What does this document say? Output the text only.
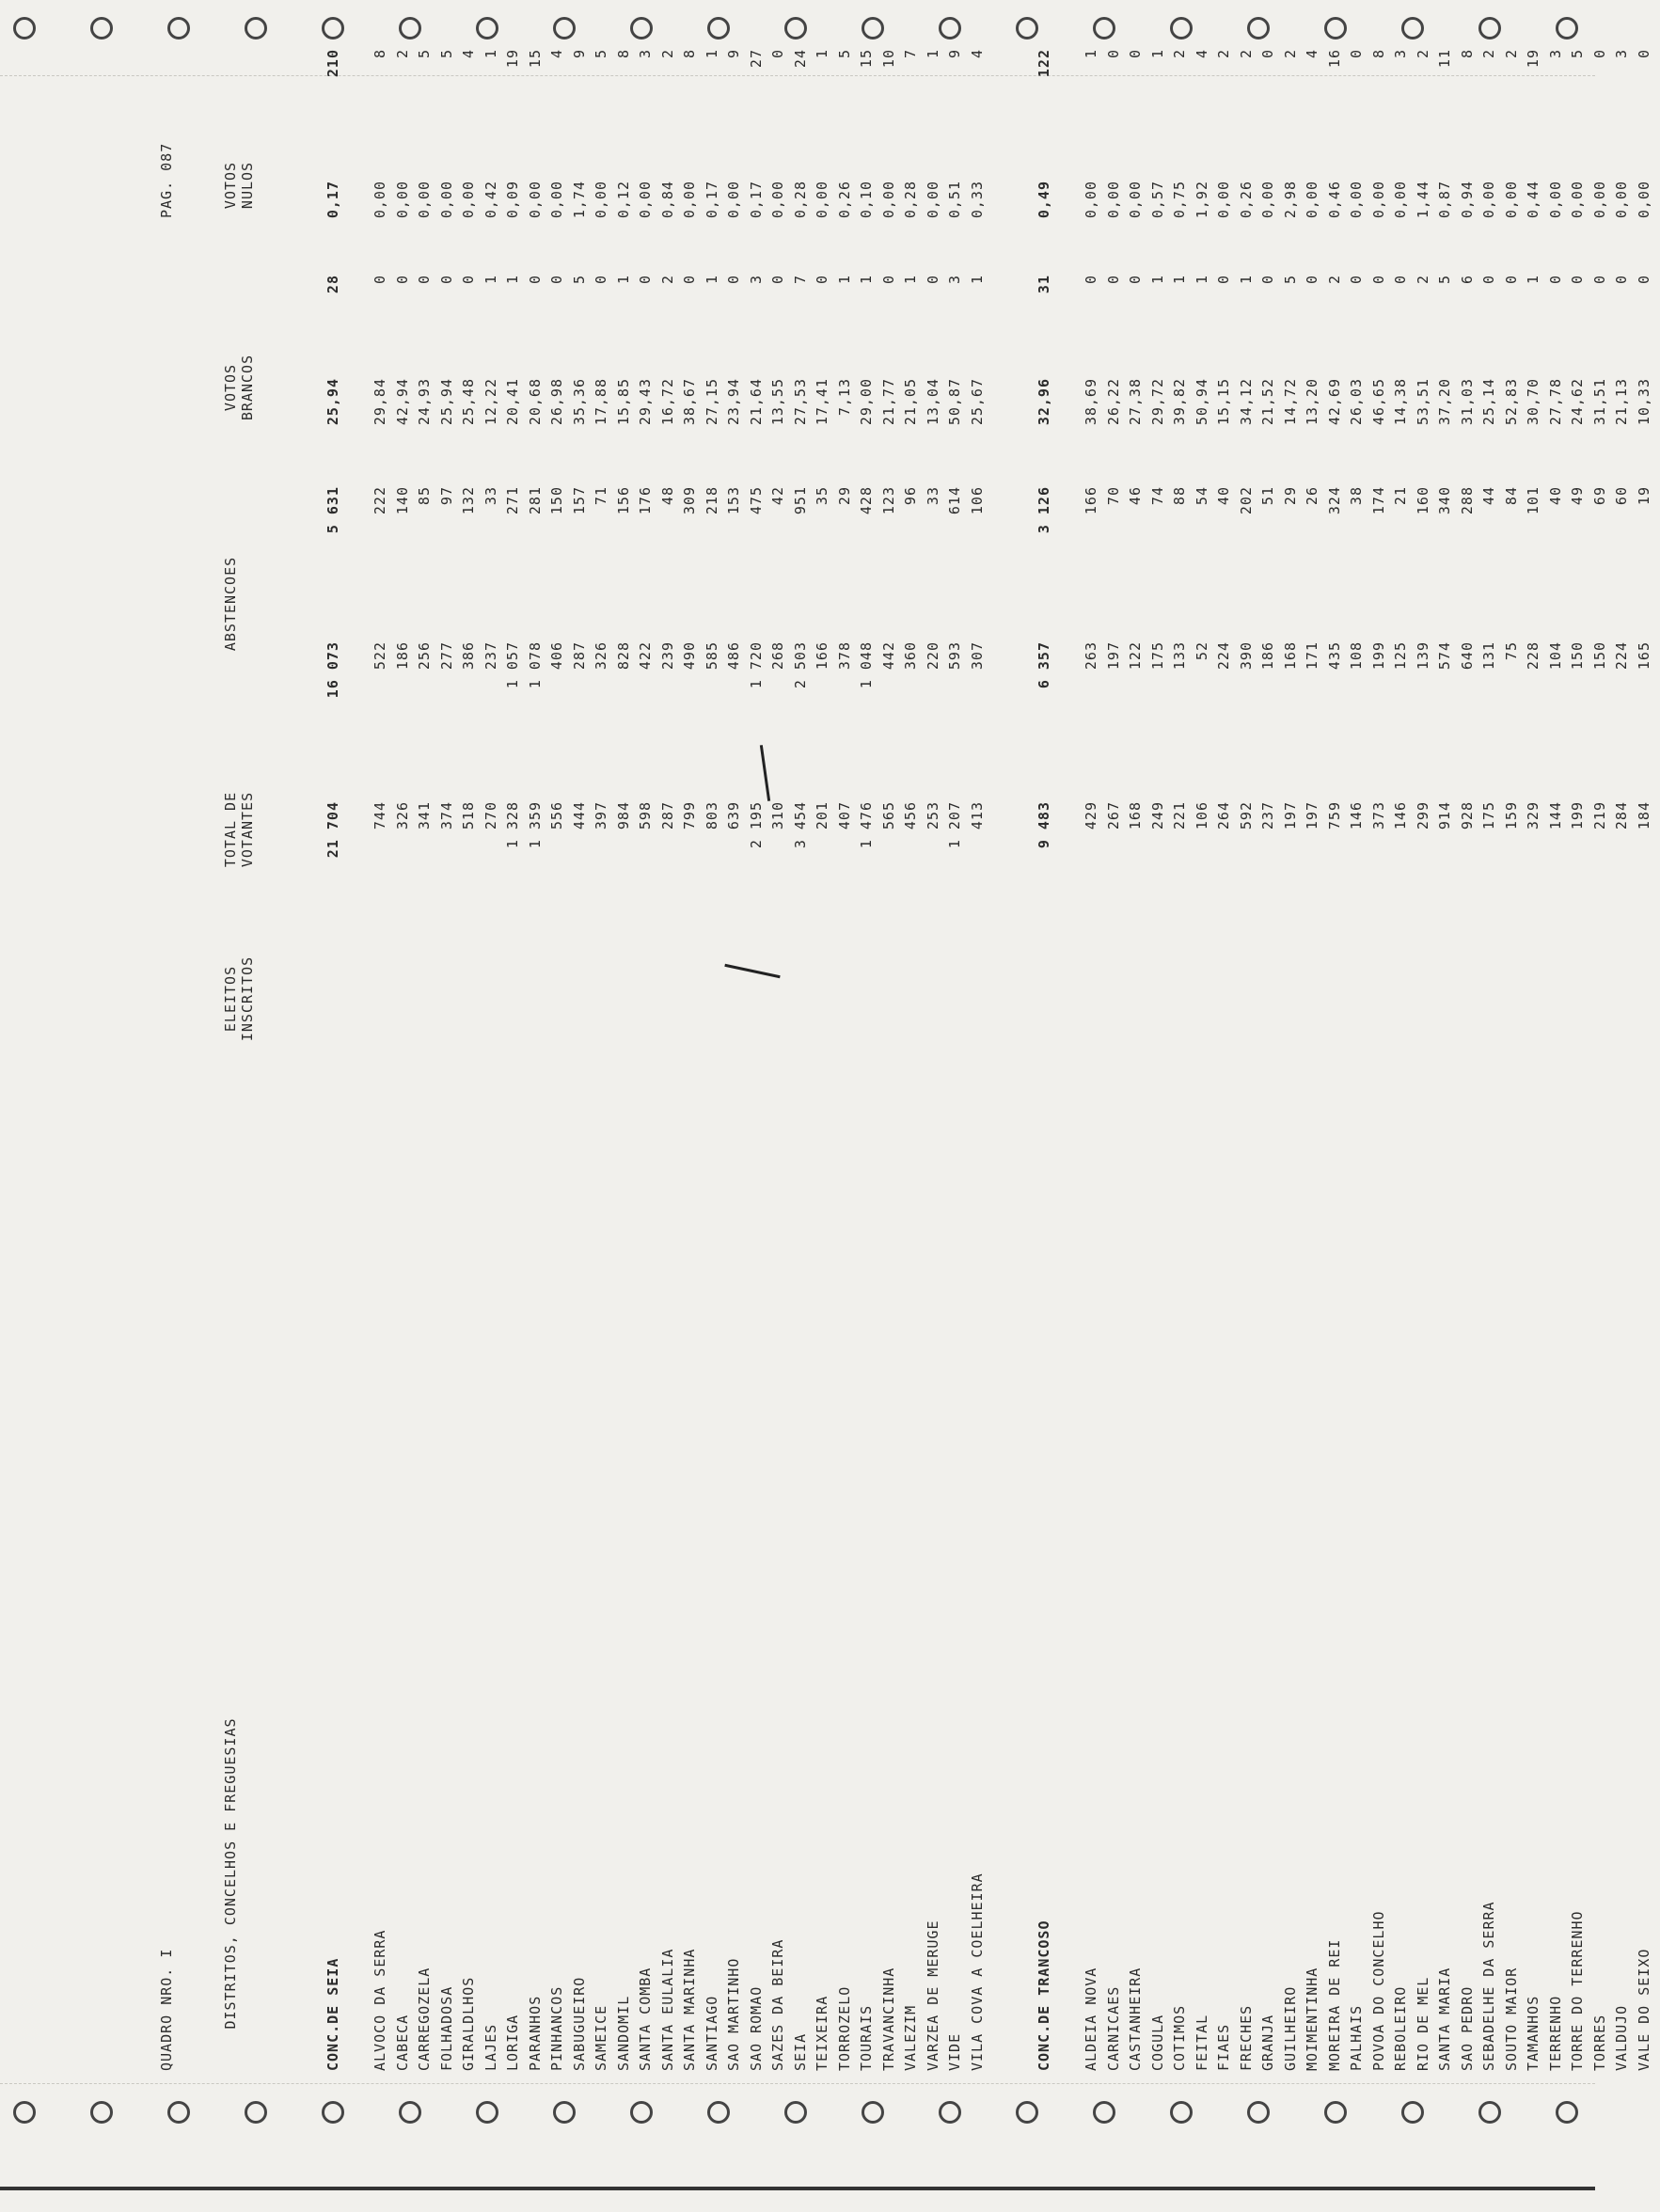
QUADRO NRO. I
PAG. 087
DISTRITOS, CONCELHOS E FREGUESIAS
ELEITOS INSCRITOS
TOTAL DE VOTANTES
ABSTENCOES
VOTOS BRANCOS
VOTOS NULOS
CONC.DE SEIA
21 704
16 073
5 631
25,94
28
0,17
210
ALVOCO DA SERRA
744
522
222
29,84
0
0,00
8
CABECA
326
186
140
42,94
0
0,00
2
CARREGOZELA
341
256
85
24,93
0
0,00
5
FOLHADOSA
374
277
97
25,94
0
0,00
5
GIRALDLHOS
518
386
132
25,48
0
0,00
4
LAJES
270
237
33
12,22
1
0,42
1
LORIGA
1 328
1 057
271
20,41
1
0,09
19
PARANHOS
1 359
1 078
281
20,68
0
0,00
15
PINHANCOS
556
406
150
26,98
0
0,00
4
SABUGUEIRO
444
287
157
35,36
5
1,74
9
SAMEICE
397
326
71
17,88
0
0,00
5
SANDOMIL
984
828
156
15,85
1
0,12
8
SANTA COMBA
598
422
176
29,43
0
0,00
3
SANTA EULALIA
287
239
48
16,72
2
0,84
2
SANTA MARINHA
799
490
309
38,67
0
0,00
8
SANTIAGO
803
585
218
27,15
1
0,17
1
SAO MARTINHO
639
486
153
23,94
0
0,00
9
SAO ROMAO
2 195
1 720
475
21,64
3
0,17
27
SAZES DA BEIRA
310
268
42
13,55
0
0,00
0
SEIA
3 454
2 503
951
27,53
7
0,28
24
TEIXEIRA
201
166
35
17,41
0
0,00
1
TORROZELO
407
378
29
7,13
1
0,26
5
TOURAIS
1 476
1 048
428
29,00
1
0,10
15
TRAVANCINHA
565
442
123
21,77
0
0,00
10
VALEZIM
456
360
96
21,05
1
0,28
7
VARZEA DE MERUGE
253
220
33
13,04
0
0,00
1
VIDE
1 207
593
614
50,87
3
0,51
9
VILA COVA A COELHEIRA
413
307
106
25,67
1
0,33
4
CONC.DE TRANCOSO
9 483
6 357
3 126
32,96
31
0,49
122
ALDEIA NOVA
429
263
166
38,69
0
0,00
1
CARNICAES
267
197
70
26,22
0
0,00
0
CASTANHEIRA
168
122
46
27,38
0
0,00
0
COGULA
249
175
74
29,72
1
0,57
1
COTIMOS
221
133
88
39,82
1
0,75
2
FEITAL
106
52
54
50,94
1
1,92
4
FIAES
264
224
40
15,15
0
0,00
2
FRECHES
592
390
202
34,12
1
0,26
2
GRANJA
237
186
51
21,52
0
0,00
0
GUILHEIRO
197
168
29
14,72
5
2,98
2
MOIMENTINHA
197
171
26
13,20
0
0,00
4
MOREIRA DE REI
759
435
324
42,69
2
0,46
16
PALHAIS
146
108
38
26,03
0
0,00
0
POVOA DO CONCELHO
373
199
174
46,65
0
0,00
8
REBOLEIRO
146
125
21
14,38
0
0,00
3
RIO DE MEL
299
139
160
53,51
2
1,44
2
SANTA MARIA
914
574
340
37,20
5
0,87
11
SAO PEDRO
928
640
288
31,03
6
0,94
8
SEBADELHE DA SERRA
175
131
44
25,14
0
0,00
2
SOUTO MAIOR
159
75
84
52,83
0
0,00
2
TAMANHOS
329
228
101
30,70
1
0,44
19
TERRENHO
144
104
40
27,78
0
0,00
3
TORRE DO TERRENHO
199
150
49
24,62
0
0,00
5
TORRES
219
150
69
31,51
0
0,00
0
VALDUJO
284
224
60
21,13
0
0,00
3
VALE DO SEIXO
184
165
19
10,33
0
0,00
0
